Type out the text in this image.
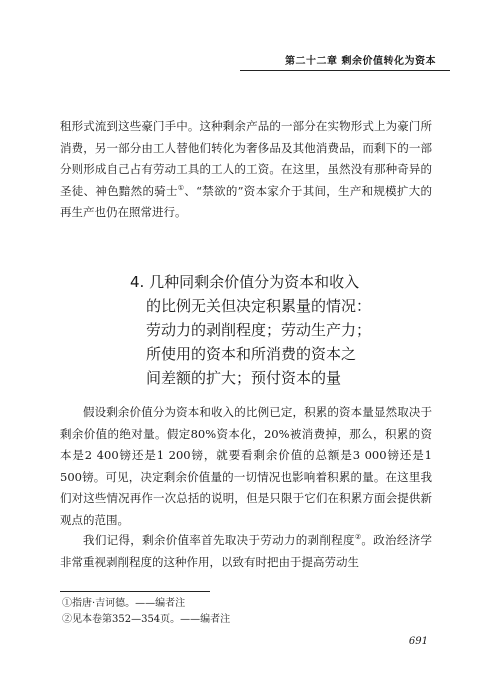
第二十二章 剩余价值转化为资本

租形式流到这些豪门手中。这种剩余产品的一部分在实物形式上为豪门所消费，另一部分由工人替他们转化为奢侈品及其他消费品，而剩下的一部分则形成自己占有劳动工具的工人的工资。在这里，虽然没有那种奇异的圣徒、神色黯然的骑士①、“禁欲的”资本家介于其间，生产和规模扩大的再生产也仍在照常进行。

4. 几种同剩余价值分为资本和收入
的比例无关但决定积累量的情况：
劳动力的剥削程度；劳动生产力；
所使用的资本和所消费的资本之
间差额的扩大；预付资本的量

假设剩余价值分为资本和收入的比例已定，积累的资本量显然取决于剩余价值的绝对量。假定80%资本化，20%被消费掉，那么，积累的资本是2 400镑还是1 200镑，就要看剩余价值的总额是3 000镑还是1 500镑。可见，决定剩余价值量的一切情况也影响着积累的量。在这里我们对这些情况再作一次总括的说明，但是只限于它们在积累方面会提供新观点的范围。

我们记得，剩余价值率首先取决于劳动力的剥削程度②。政治经济学非常重视剥削程度的这种作用，以致有时把由于提高劳动生

①指唐·吉诃德。——编者注
②见本卷第352—354页。——编者注
691
